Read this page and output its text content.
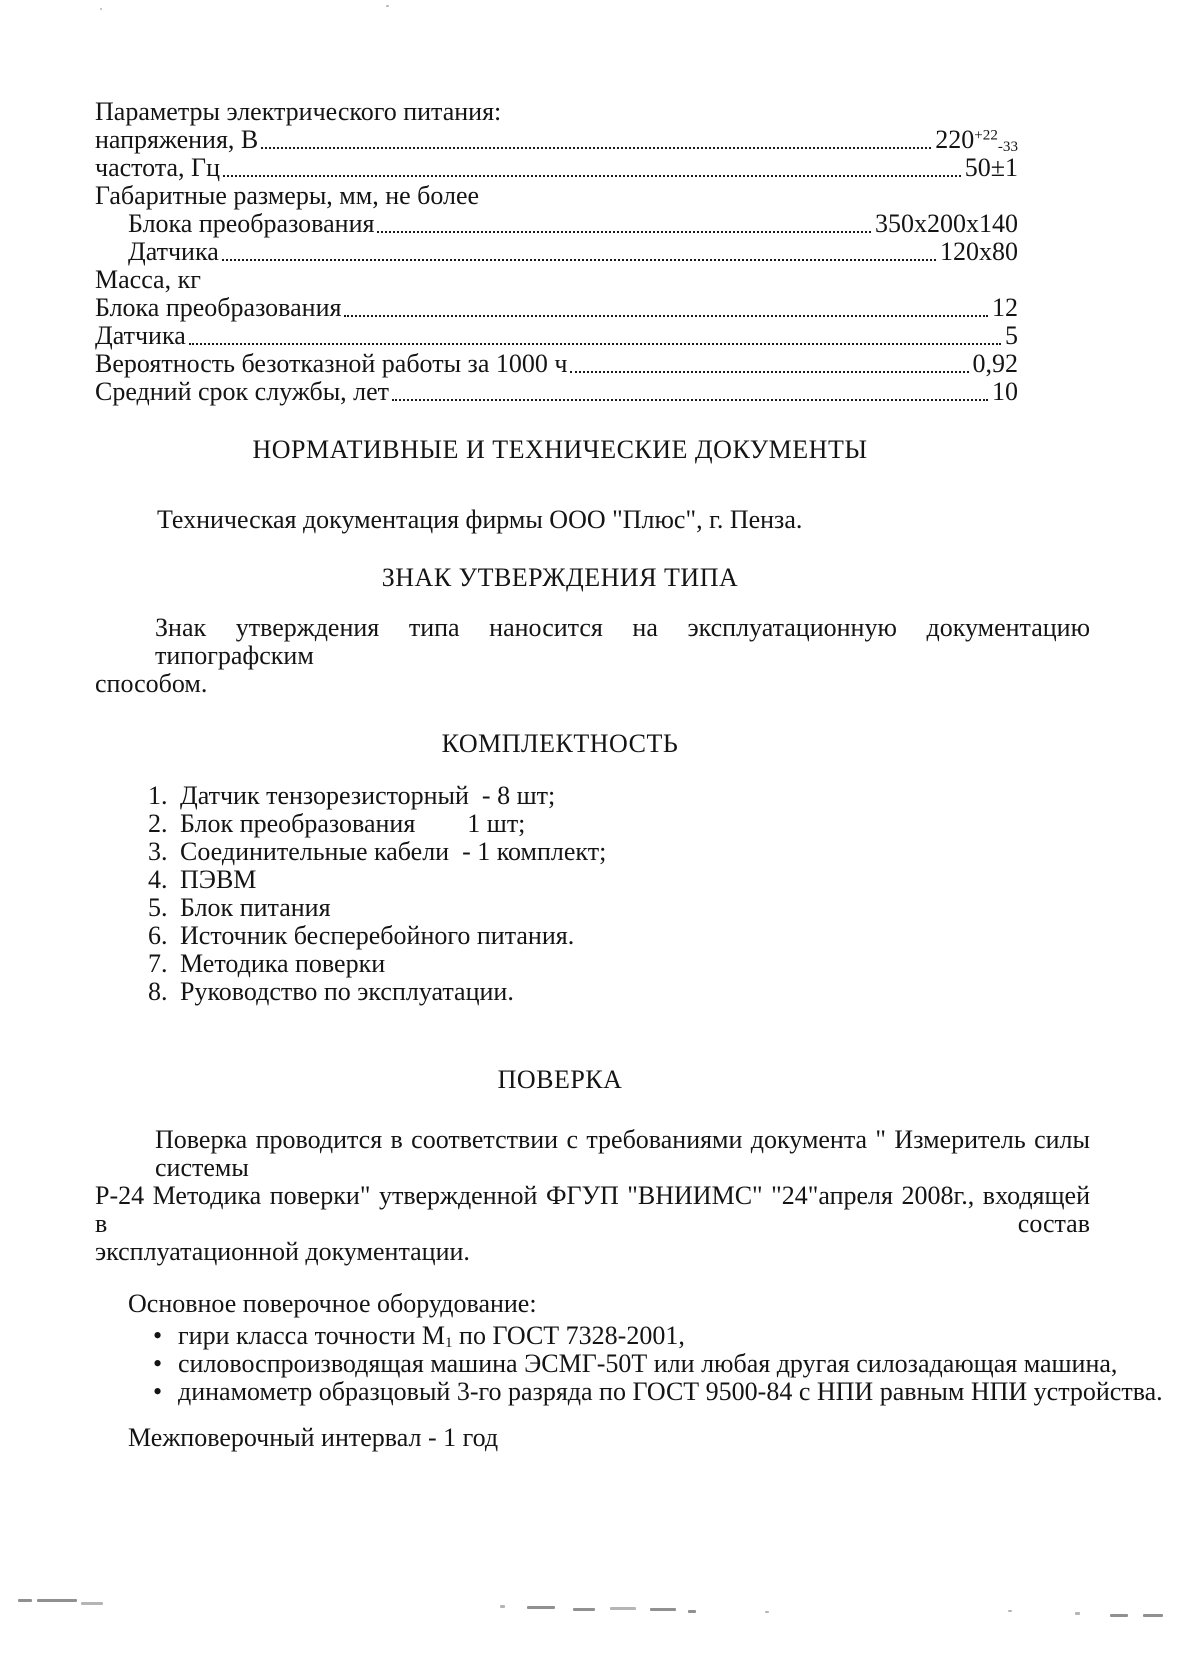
Параметры электрического питания:
напряжения, В	$220^{+22}_{-33}$
частота, Гц	50±1
Габаритные размеры, мм, не более
Блока преобразования	350x200x140
Датчика	120x80
Масса, кг
Блока преобразования	12
Датчика	5
Вероятность безотказной работы за 1000 ч	0,92
Средний срок службы, лет	10
НОРМАТИВНЫЕ И ТЕХНИЧЕСКИЕ ДОКУМЕНТЫ
Техническая документация фирмы ООО "Плюс", г. Пенза.
ЗНАК УТВЕРЖДЕНИЯ ТИПА
Знак утверждения типа наносится на эксплуатационную документацию типографским
способом.
КОМПЛЕКТНОСТЬ
1. Датчик тензорезисторный  - 8 шт;
2. Блок преобразования        1 шт;
3. Соединительные кабели  - 1 комплект;
4. ПЭВМ
5. Блок питания
6. Источник бесперебойного питания.
7. Методика поверки
8. Руководство по эксплуатации.
ПОВЕРКА
Поверка проводится в соответствии с требованиями документа " Измеритель силы системы
Р-24 Методика поверки" утвержденной ФГУП "ВНИИМС" "24"апреля 2008г., входящей в состав
эксплуатационной документации.
Основное поверочное оборудование:
• гири класса точности $М_1$ по ГОСТ 7328-2001,
• силовоспроизводящая машина ЭСМГ-50Т или любая другая силозадающая машина,
• динамометр образцовый 3-го разряда по ГОСТ 9500-84 с НПИ равным НПИ устройства.
Межповерочный интервал - 1 год
